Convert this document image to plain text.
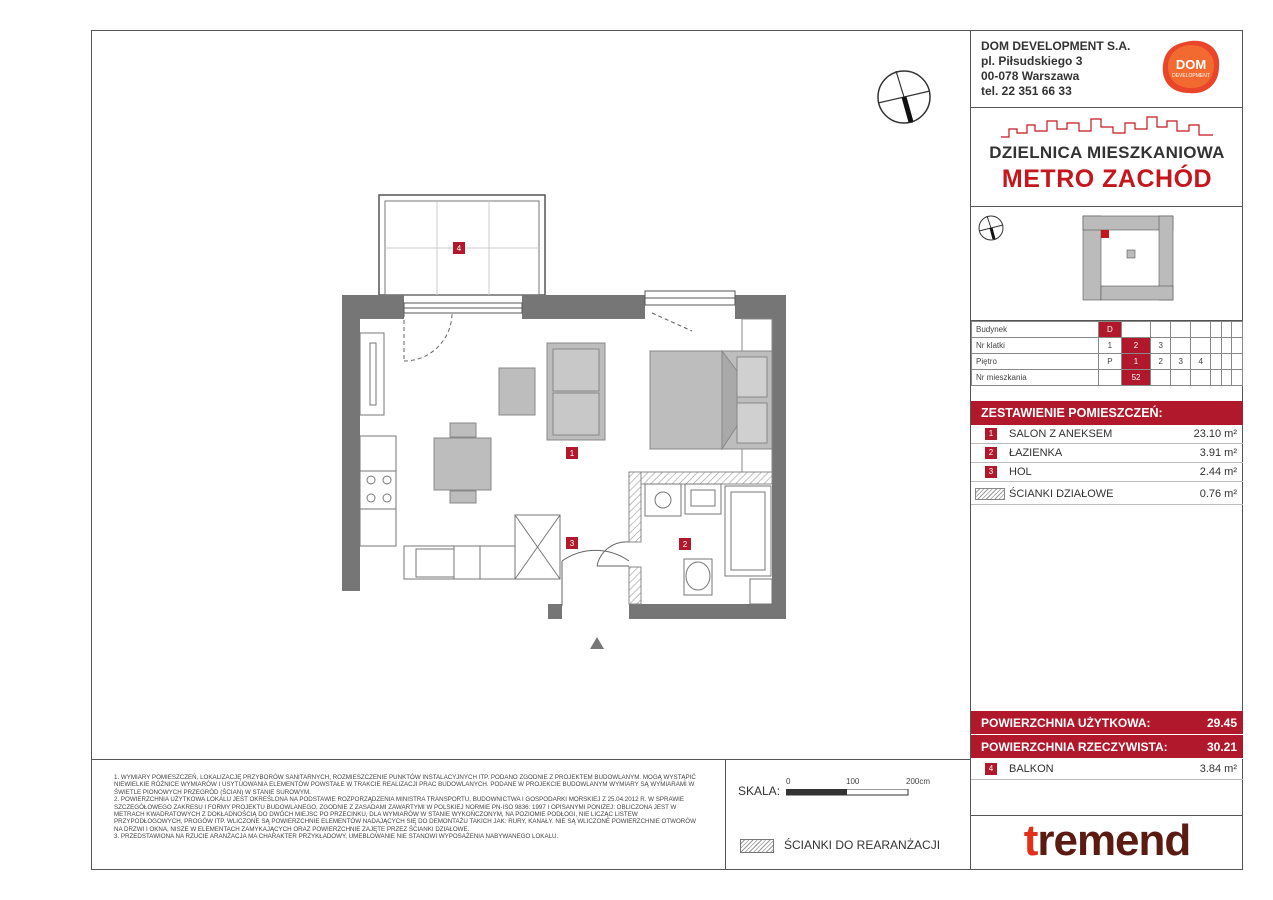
4
1
2
3

1. WYMIARY POMIESZCZEŃ, LOKALIZACJĘ PRZYBORÓW SANITARNYCH, ROZMIESZCZENIE PUNKTÓW INSTALACYJNYCH ITP. PODANO ZGODNIE Z PROJEKTEM BUDOWLANYM. MOGĄ WYSTĄPIĆ NIEWIELKIE RÓŻNICE WYMIARÓW I USYTUOWANIA ELEMENTÓW POWSTAŁE W TRAKCIE REALIZACJI PRAC BUDOWLANYCH. PODANE W PROJEKCIE BUDOWLANYM WYMIARY SĄ WYMIARAMI W ŚWIETLE PIONOWYCH PRZEGRÓD (ŚCIAN) W STANIE SUROWYM.

2. POWIERZCHNIA UŻYTKOWA LOKALU JEST OKREŚLONA NA PODSTAWIE ROZPORZĄDZENIA MINISTRA TRANSPORTU, BUDOWNICTWA I GOSPODARKI MORSKIEJ Z 25.04.2012 R. W SPRAWIE SZCZEGÓŁOWEGO ZAKRESU I FORMY PROJEKTU BUDOWLANEGO, ZGODNIE Z ZASADAMI ZAWARTYMI W POLSKIEJ NORMIE PN-ISO 9836: 1997 I OPISANYMI PONIŻEJ: OBLICZONA JEST W METRACH KWADRATOWYCH Z DOKŁADNOŚCIĄ DO DWÓCH MIEJSC PO PRZECINKU, DLA WYMIARÓW W STANIE WYKOŃCZONYM, NA POZIOMIE PODŁOGI, NIE LICZĄC LISTEW PRZYPODŁOGOWYCH, PROGÓW ITP. WLICZONE SĄ POWIERZCHNIE ELEMENTÓW NADAJĄCYCH SIĘ DO DEMONTAŻU TAKICH JAK: RURY, KANAŁY. NIE SĄ WLICZONE POWIERZCHNIE OTWORÓW NA DRZWI I OKNA, NISZE W ELEMENTACH ZAMYKAJĄCYCH ORAZ POWIERZCHNIE ZAJĘTE PRZEZ ŚCIANKI DZIAŁOWE.

3. PRZEDSTAWIONA NA RZUCIE ARANŻACJA MA CHARAKTER PRZYKŁADOWY, UMEBLOWANIE NIE STANOWI WYPOSAŻENIA NABYWANEGO LOKALU.

SKALA:
0	100	200cm
ŚCIANKI DO REARANŻACJI
DOM DEVELOPMENT S.A.
pl. Piłsudskiego 3
00-078 Warszawa
tel. 22 351 66 33
DOM
DEVELOPMENT
DZIELNICA MIESZKANIOWA
METRO ZACHÓD
Budynek	D							
Nr klatki	1	2	3					
Piętro	P	1	2	3	4			
Nr mieszkania		52						
ZESTAWIENIE POMIESZCZEŃ:
1	SALON Z ANEKSEM	23.10 m²
2	ŁAZIENKA	3.91 m²
3	HOL	2.44 m²
ŚCIANKI DZIAŁOWE	0.76 m²
POWIERZCHNIA UŻYTKOWA:	29.45
POWIERZCHNIA RZECZYWISTA:	30.21
4	BALKON	3.84 m²
tremend
